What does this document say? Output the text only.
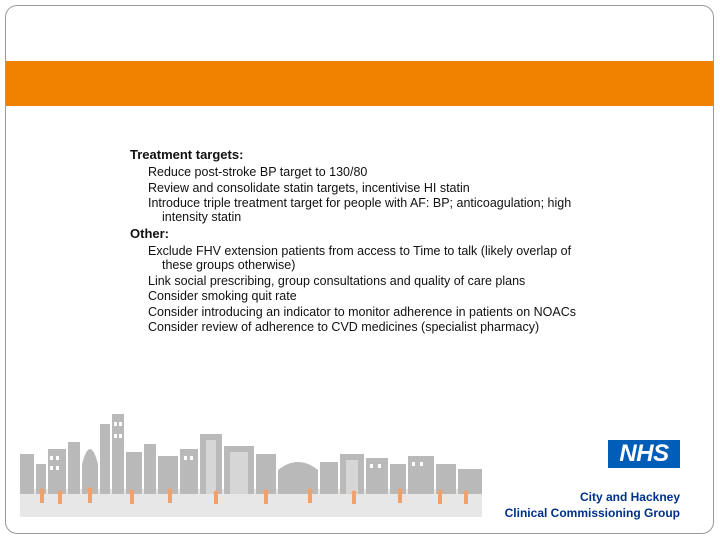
NHS
City and Hackney
Clinical Commissioning Group
Treatment targets:
Reduce post-stroke BP target to 130/80
Review and consolidate statin targets, incentivise HI statin
Introduce triple treatment target for people with AF: BP; anticoagulation; high intensity statin
Other:
Exclude FHV extension patients from access to Time to talk (likely overlap of these groups otherwise)
Link social prescribing, group consultations and quality of care plans
Consider smoking quit rate
Consider introducing an indicator to monitor adherence in patients on NOACs
Consider review of adherence to CVD medicines (specialist pharmacy)
